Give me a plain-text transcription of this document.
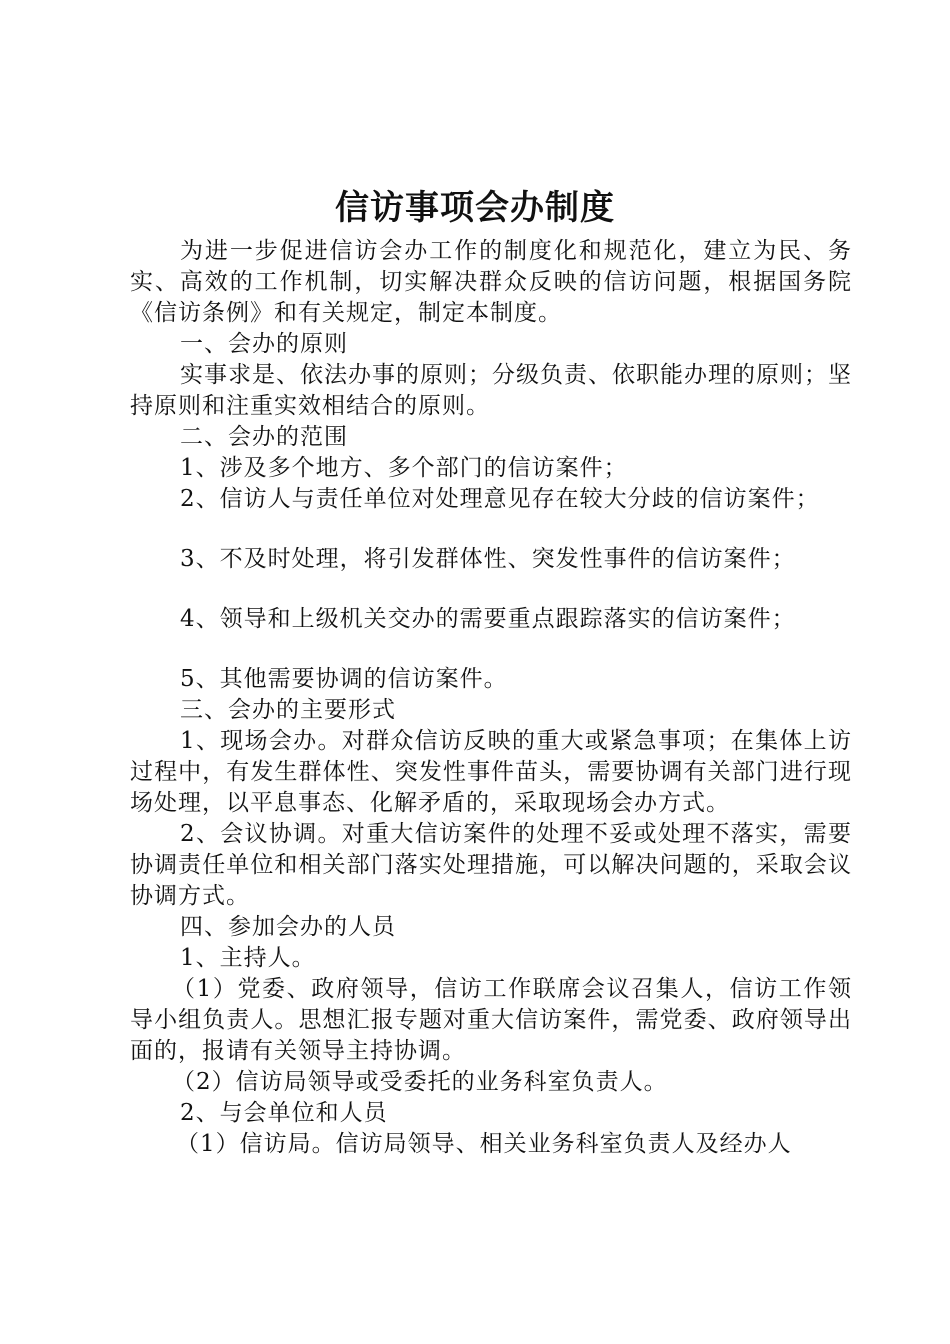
信访事项会办制度

为进一步促进信访会办工作的制度化和规范化，建立为民、务实、高效的工作机制，切实解决群众反映的信访问题，根据国务院《信访条例》和有关规定，制定本制度。

一、会办的原则

实事求是、依法办事的原则；分级负责、依职能办理的原则；坚持原则和注重实效相结合的原则。

二、会办的范围

1、涉及多个地方、多个部门的信访案件；

2、信访人与责任单位对处理意见存在较大分歧的信访案件；

3、不及时处理，将引发群体性、突发性事件的信访案件；

4、领导和上级机关交办的需要重点跟踪落实的信访案件；

5、其他需要协调的信访案件。

三、会办的主要形式

1、现场会办。对群众信访反映的重大或紧急事项；在集体上访过程中，有发生群体性、突发性事件苗头，需要协调有关部门进行现场处理，以平息事态、化解矛盾的，采取现场会办方式。

2、会议协调。对重大信访案件的处理不妥或处理不落实，需要协调责任单位和相关部门落实处理措施，可以解决问题的，采取会议协调方式。

四、参加会办的人员

1、主持人。

（1）党委、政府领导，信访工作联席会议召集人，信访工作领导小组负责人。思想汇报专题对重大信访案件，需党委、政府领导出面的，报请有关领导主持协调。

（2）信访局领导或受委托的业务科室负责人。

2、与会单位和人员

（1）信访局。信访局领导、相关业务科室负责人及经办人
